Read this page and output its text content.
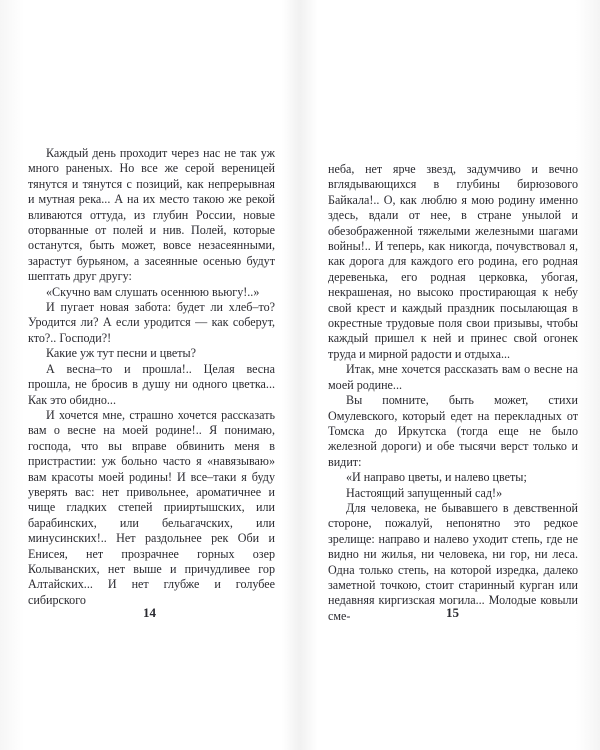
Каждый день проходит через нас не так уж много раненых. Но все же серой вереницей тянутся и тянутся с позиций, как непрерывная и мутная река... А на их место такою же рекой вливаются оттуда, из глубин России, новые оторванные от полей и нив. Полей, которые останутся, быть может, вовсе незасеянными, зарастут бурьяном, а засеянные осенью будут шептать друг другу:

«Скучно вам слушать осеннюю вьюгу!..»

И пугает новая забота: будет ли хлеб–то? Уродится ли? А если уродится — как соберут, кто?.. Господи?!

Какие уж тут песни и цветы?

А весна–то и прошла!.. Целая весна прошла, не бросив в душу ни одного цветка... Как это обидно...

И хочется мне, страшно хочется рассказать вам о весне на моей родине!.. Я понимаю, господа, что вы вправе обвинить меня в пристрастии: уж больно часто я «навязываю» вам красоты моей родины! И все–таки я буду уверять вас: нет привольнее, ароматичнее и чище гладких степей прииртышских, или барабинских, или бельагачских, или минусинских!.. Нет раздольнее рек Оби и Енисея, нет прозрачнее горных озер Колыванских, нет выше и причудливее гор Алтайских... И нет глубже и голубее сибирского

14

неба, нет ярче звезд, задумчиво и вечно вглядывающихся в глубины бирюзового Байкала!.. О, как люблю я мою родину именно здесь, вдали от нее, в стране унылой и обезображенной тяжелыми железными шагами войны!.. И теперь, как никогда, почувствовал я, как дорога для каждого его родина, его родная деревенька, его родная церковка, убогая, некрашеная, но высоко простирающая к небу свой крест и каждый праздник посылающая в окрестные трудовые поля свои призывы, чтобы каждый пришел к ней и принес свой огонек труда и мирной радости и отдыха...

Итак, мне хочется рассказать вам о весне на моей родине...

Вы помните, быть может, стихи Омулевского, который едет на перекладных от Томска до Иркутска (тогда еще не было железной дороги) и обе тысячи верст только и видит:

«И направо цветы, и налево цветы;

Настоящий запущенный сад!»

Для человека, не бывавшего в девственной стороне, пожалуй, непонятно это редкое зрелище: направо и налево уходит степь, где не видно ни жилья, ни человека, ни гор, ни леса. Одна только степь, на которой изредка, далеко заметной точкою, стоит старинный курган или недавняя киргизская могила... Молодые ковыли сме-	15
